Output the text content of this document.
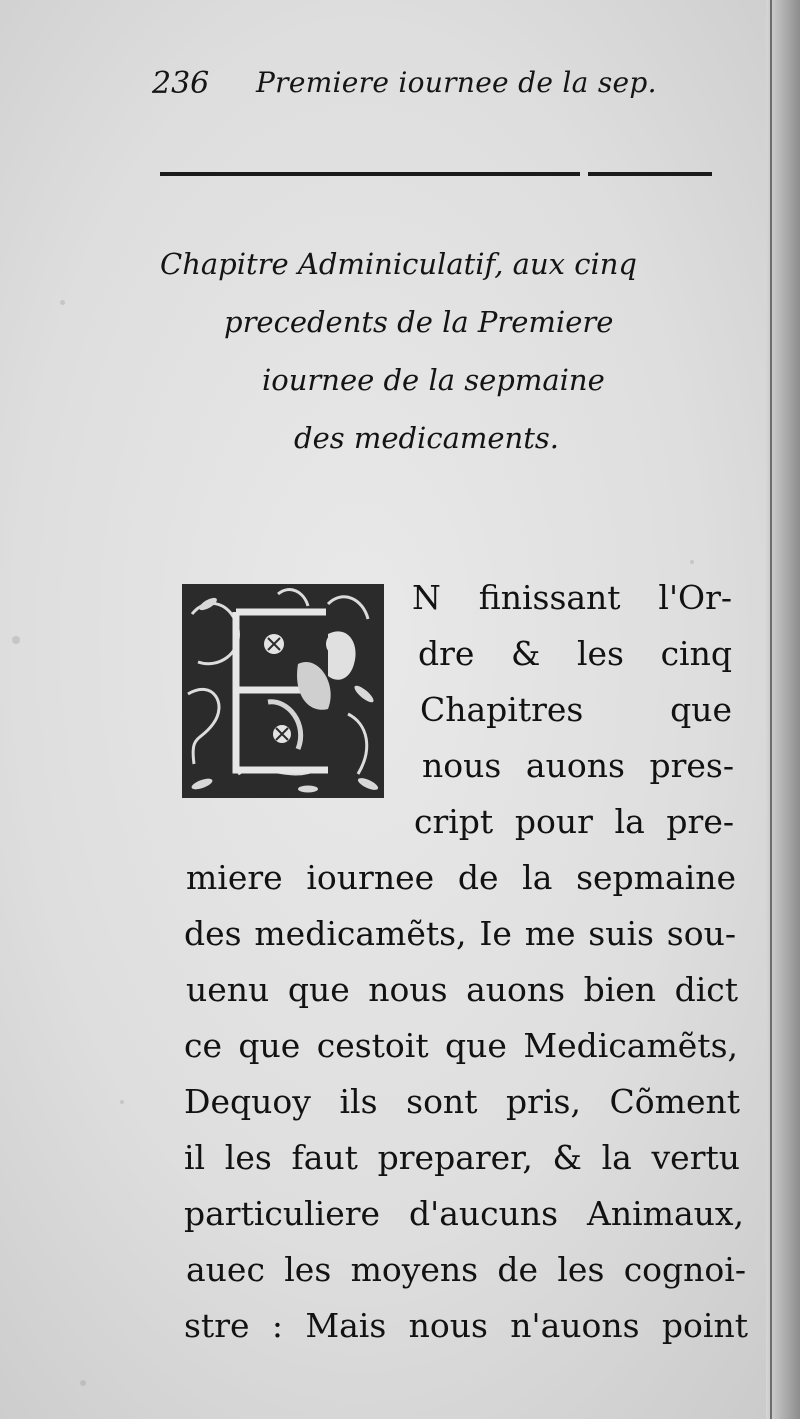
236 Premiere iournee de la sep.
Chapitre Adminiculatif, aux cinq
precedents de la Premiere
iournee de la sepmaine
des medicaments.
N finissant l'Or-
dre & les cinq
Chapitres que
nous auons pres-
cript pour la pre-
miere iournee de la sepmaine
des medicamẽts, Ie me suis sou-
uenu que nous auons bien dict
ce que cestoit que Medicamẽts,
Dequoy ils sont pris, Cõment
il les faut preparer, & la vertu
particuliere d'aucuns Animaux,
auec les moyens de les cognoi-
stre : Mais nous n'auons point
